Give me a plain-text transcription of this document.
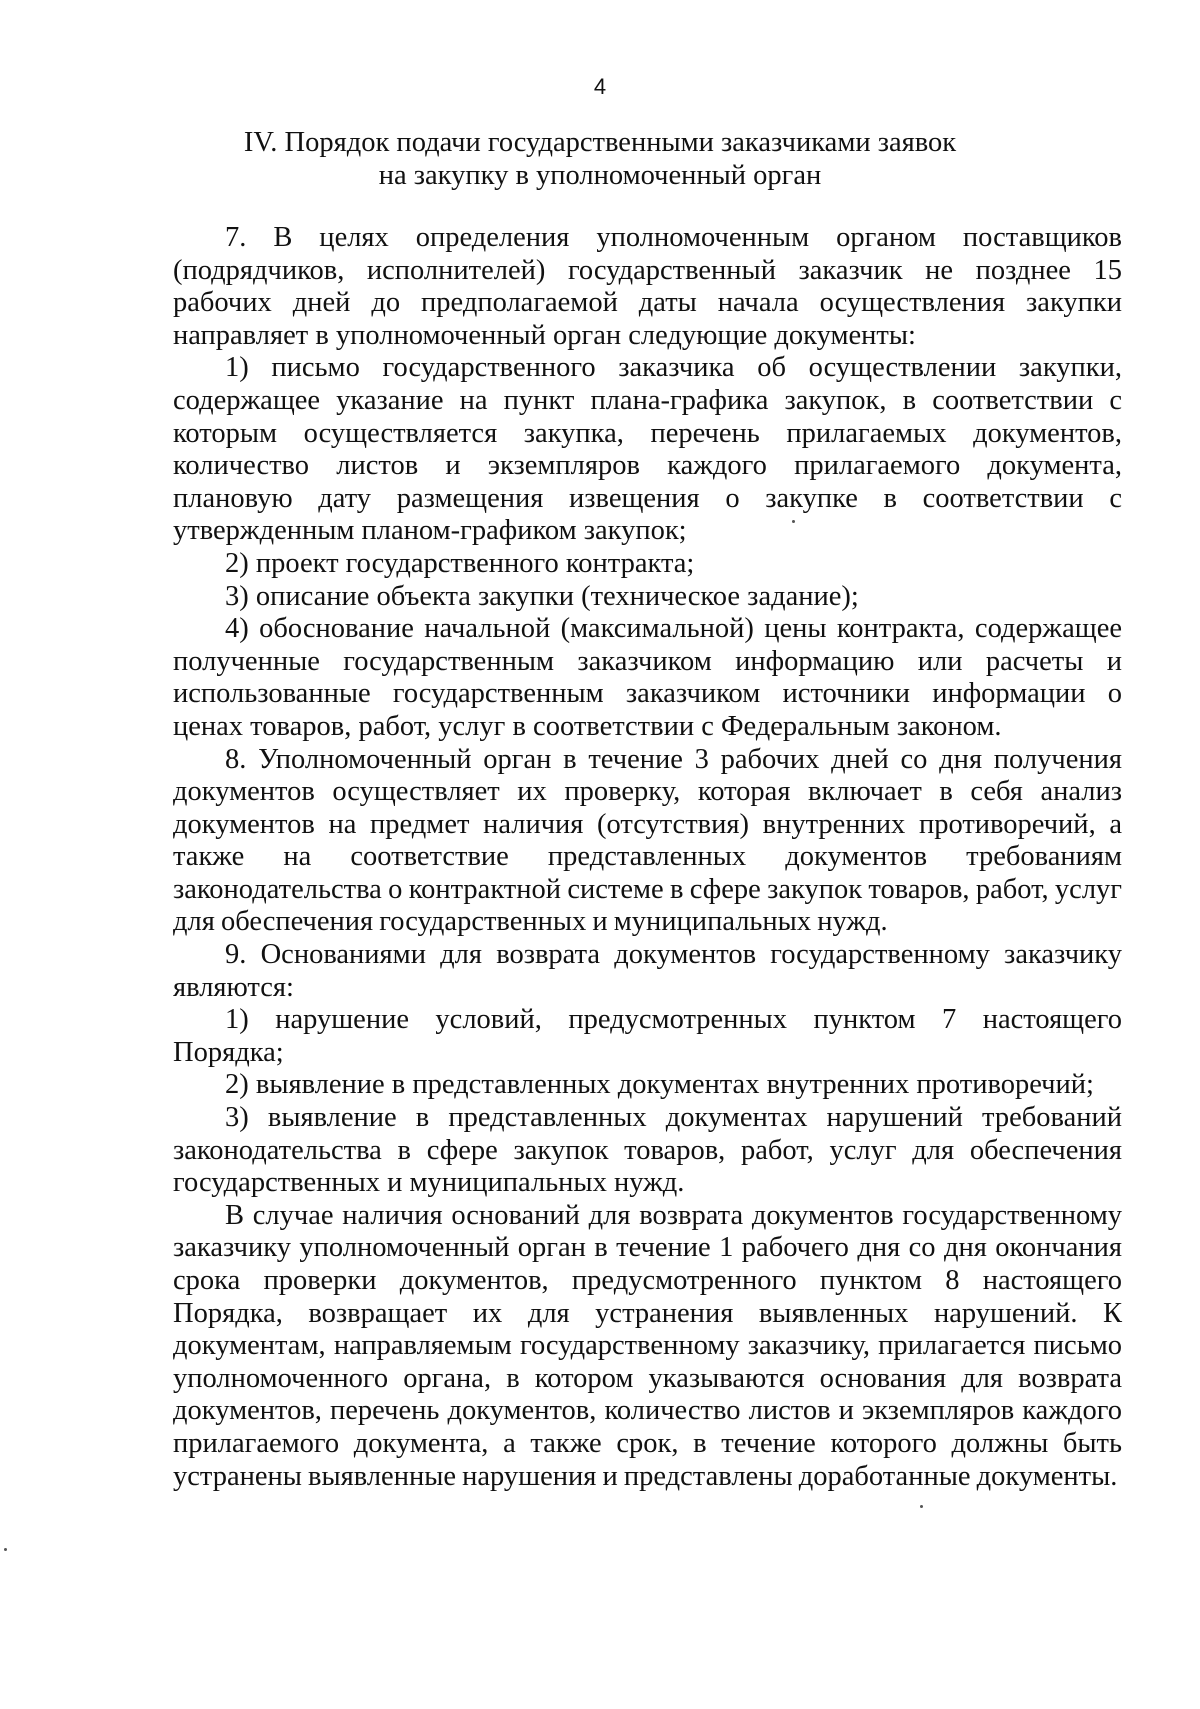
4
IV. Порядок подачи государственными заказчиками заявок
на закупку в уполномоченный орган

7. В целях определения уполномоченным органом поставщиков (подрядчиков, исполнителей) государственный заказчик не позднее 15 рабочих дней до предполагаемой даты начала осуществления закупки направляет в уполномоченный орган следующие документы:

1) письмо государственного заказчика об осуществлении закупки, содержащее указание на пункт плана-графика закупок, в соответствии с которым осуществляется закупка, перечень прилагаемых документов, количество листов и экземпляров каждого прилагаемого документа, плановую дату размещения извещения о закупке в соответствии с утвержденным планом-графиком закупок;

2) проект государственного контракта;

3) описание объекта закупки (техническое задание);

4) обоснование начальной (максимальной) цены контракта, содержащее полученные государственным заказчиком информацию или расчеты и использованные государственным заказчиком источники информации о ценах товаров, работ, услуг в соответствии с Федеральным законом.

8. Уполномоченный орган в течение 3 рабочих дней со дня получения документов осуществляет их проверку, которая включает в себя анализ документов на предмет наличия (отсутствия) внутренних противоречий, а также на соответствие представленных документов требованиям законодательства о контрактной системе в сфере закупок товаров, работ, услуг для обеспечения государственных и муниципальных нужд.

9. Основаниями для возврата документов государственному заказчику являются:

1) нарушение условий, предусмотренных пунктом 7 настоящего Порядка;

2) выявление в представленных документах внутренних противоречий;

3) выявление в представленных документах нарушений требований законодательства в сфере закупок товаров, работ, услуг для обеспечения государственных и муниципальных нужд.

В случае наличия оснований для возврата документов государственному заказчику уполномоченный орган в течение 1 рабочего дня со дня окончания срока проверки документов, предусмотренного пунктом 8 настоящего Порядка, возвращает их для устранения выявленных нарушений. К документам, направляемым государственному заказчику, прилагается письмо уполномоченного органа, в котором указываются основания для возврата документов, перечень документов, количество листов и экземпляров каждого прилагаемого документа, а также срок, в течение которого должны быть устранены выявленные нарушения и представлены доработанные документы.
